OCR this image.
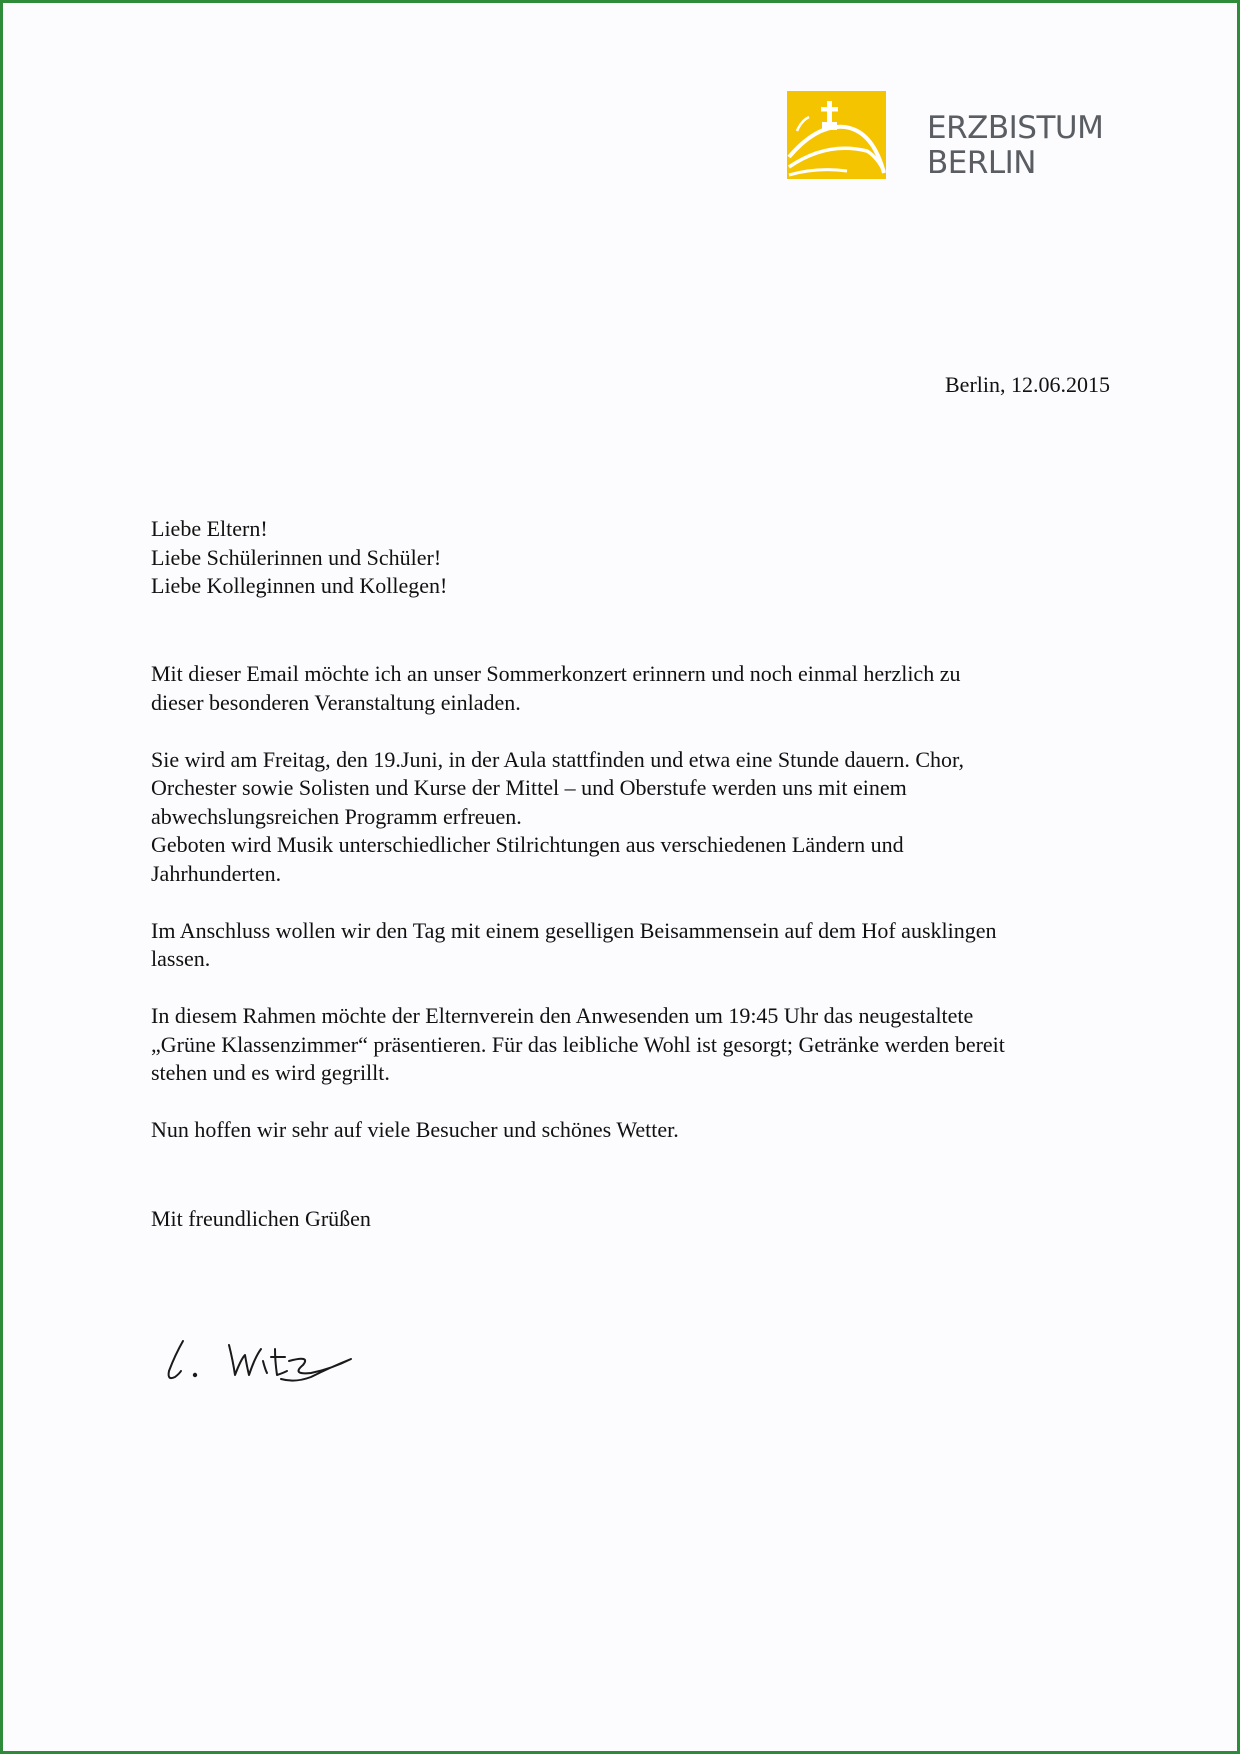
ERZBISTUM
BERLIN
Berlin, 12.06.2015
Liebe Eltern!
Liebe Schülerinnen und Schüler!
Liebe Kolleginnen und Kollegen!
Mit dieser Email möchte ich an unser Sommerkonzert erinnern und noch einmal herzlich zu
dieser besonderen Veranstaltung einladen.
Sie wird am Freitag, den 19.Juni, in der Aula stattfinden und etwa eine Stunde dauern. Chor,
Orchester sowie Solisten und Kurse der Mittel – und Oberstufe werden uns mit einem
abwechslungsreichen Programm erfreuen.
Geboten wird Musik unterschiedlicher Stilrichtungen aus verschiedenen Ländern und
Jahrhunderten.
Im Anschluss wollen wir den Tag mit einem geselligen Beisammensein auf dem Hof ausklingen
lassen.
In diesem Rahmen möchte der Elternverein den Anwesenden um 19:45 Uhr das neugestaltete
„Grüne Klassenzimmer“ präsentieren. Für das leibliche Wohl ist gesorgt; Getränke werden bereit
stehen und es wird gegrillt.
Nun hoffen wir sehr auf viele Besucher und schönes Wetter.
Mit freundlichen Grüßen
